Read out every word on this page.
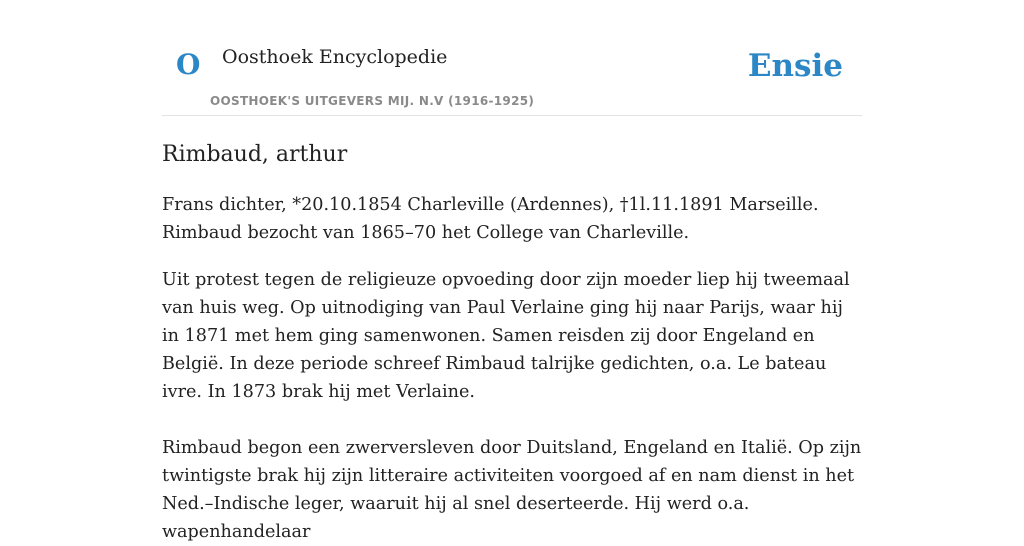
O Oosthoek Encyclopedie
OOSTHOEK'S UITGEVERS MIJ. N.V (1916-1925)
Ensie
Rimbaud, arthur

Frans dichter, *20.10.1854 Charleville (Ardennes), †1l.11.1891 Marseille. Rimbaud bezocht van 1865–70 het College van Charleville.

Uit protest tegen de religieuze opvoeding door zijn moeder liep hij tweemaal van huis weg. Op uitnodiging van Paul Verlaine ging hij naar Parijs, waar hij in 1871 met hem ging samenwonen. Samen reisden zij door Engeland en België. In deze periode schreef Rimbaud talrijke gedichten, o.a. Le bateau ivre. In 1873 brak hij met Verlaine.

Rimbaud begon een zwerversleven door Duitsland, Engeland en Italië. Op zijn twintigste brak hij zijn litteraire activiteiten voorgoed af en nam dienst in het Ned.–Indische leger, waaruit hij al snel deserteerde. Hij werd o.a. wapenhandelaar
